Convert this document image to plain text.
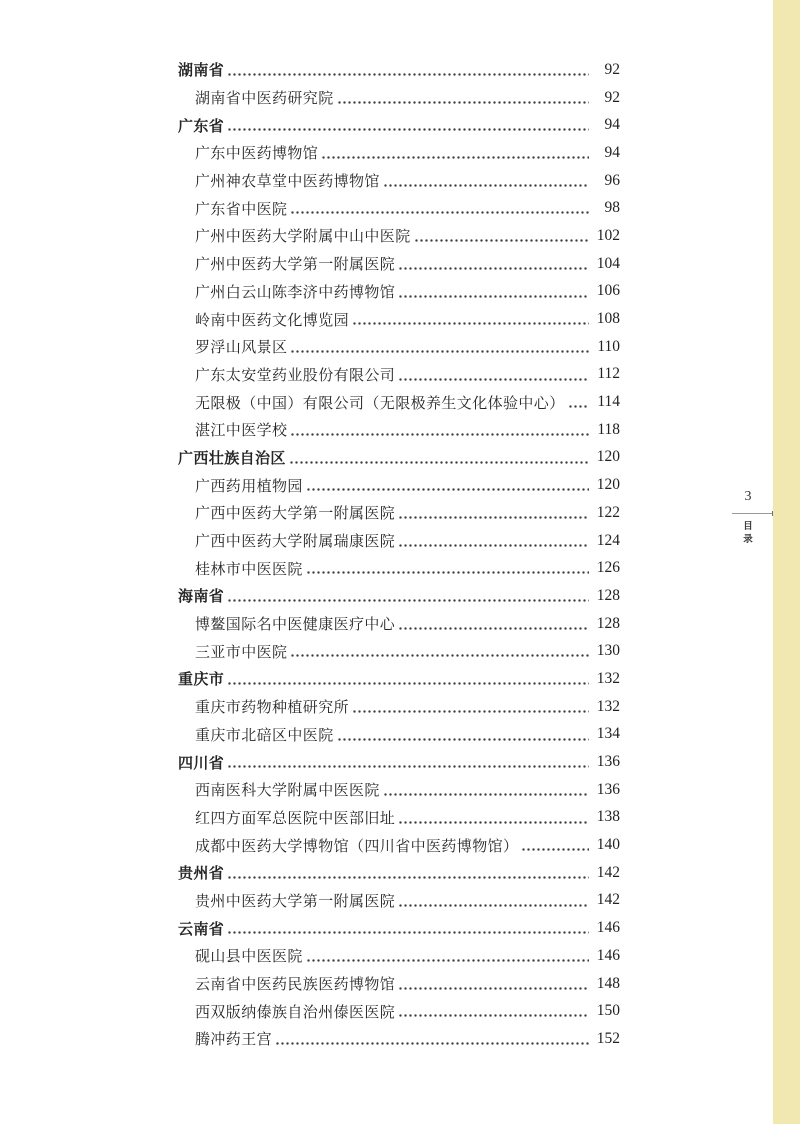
湖南省	92
湖南省中医药研究院	92
广东省	94
广东中医药博物馆	94
广州神农草堂中医药博物馆	96
广东省中医院	98
广州中医药大学附属中山中医院	102
广州中医药大学第一附属医院	104
广州白云山陈李济中药博物馆	106
岭南中医药文化博览园	108
罗浮山风景区	110
广东太安堂药业股份有限公司	112
无限极（中国）有限公司（无限极养生文化体验中心） 114
湛江中医学校	118
广西壮族自治区	120
广西药用植物园	120
广西中医药大学第一附属医院	122
广西中医药大学附属瑞康医院	124
桂林市中医医院	126
海南省	128
博鳌国际名中医健康医疗中心	128
三亚市中医院	130
重庆市	132
重庆市药物种植研究所	132
重庆市北碚区中医院	134
四川省	136
西南医科大学附属中医医院	136
红四方面军总医院中医部旧址	138
成都中医药大学博物馆（四川省中医药博物馆）	140
贵州省	142
贵州中医药大学第一附属医院	142
云南省	146
砚山县中医医院	146
云南省中医药民族医药博物馆	148
西双版纳傣族自治州傣医医院	150
腾冲药王宫	152
3
目
录
